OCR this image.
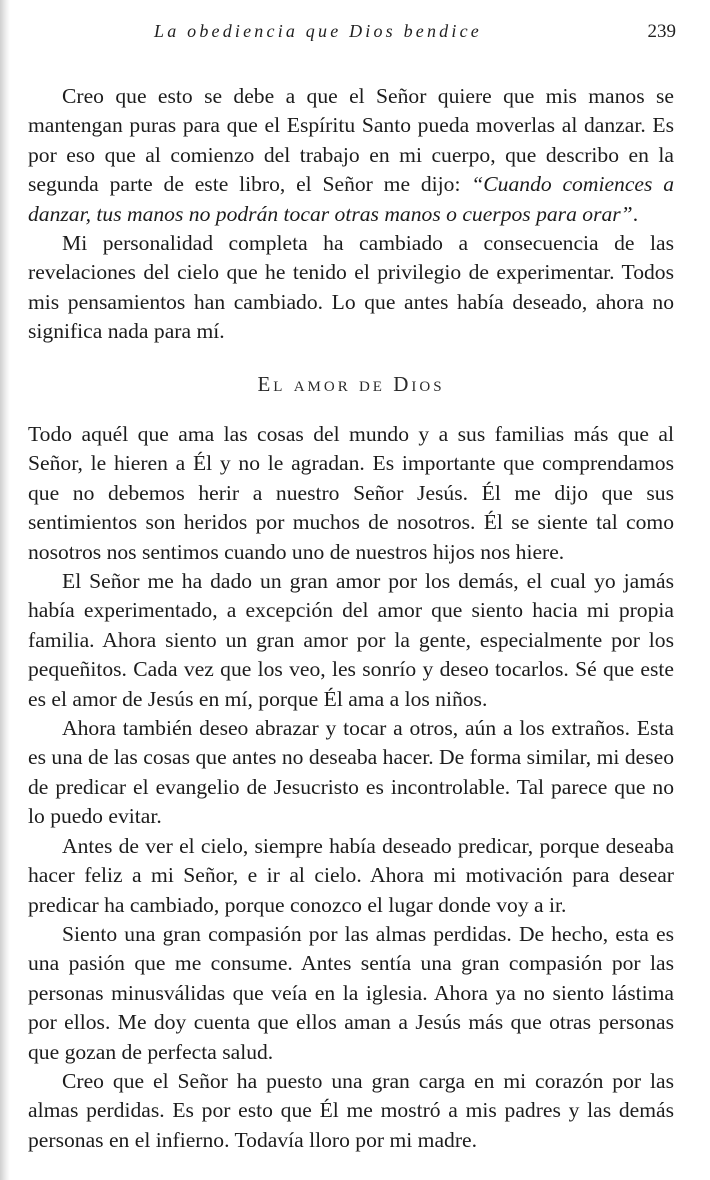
La obediencia que Dios bendice	239

Creo que esto se debe a que el Señor quiere que mis manos se mantengan puras para que el Espíritu Santo pueda moverlas al danzar. Es por eso que al comienzo del trabajo en mi cuerpo, que describo en la segunda parte de este libro, el Señor me dijo: “Cuando comiences a danzar, tus manos no podrán tocar otras manos o cuerpos para orar”.

Mi personalidad completa ha cambiado a consecuencia de las revelaciones del cielo que he tenido el privilegio de experimentar. Todos mis pensamientos han cambiado. Lo que antes había deseado, ahora no significa nada para mí.

El amor de Dios

Todo aquél que ama las cosas del mundo y a sus familias más que al Señor, le hieren a Él y no le agradan. Es importante que comprendamos que no debemos herir a nuestro Señor Jesús. Él me dijo que sus sentimientos son heridos por muchos de nosotros. Él se siente tal como nosotros nos sentimos cuando uno de nuestros hijos nos hiere.

El Señor me ha dado un gran amor por los demás, el cual yo jamás había experimentado, a excepción del amor que siento hacia mi propia familia. Ahora siento un gran amor por la gente, especialmente por los pequeñitos. Cada vez que los veo, les sonrío y deseo tocarlos. Sé que este es el amor de Jesús en mí, porque Él ama a los niños.

Ahora también deseo abrazar y tocar a otros, aún a los extraños. Esta es una de las cosas que antes no deseaba hacer. De forma similar, mi deseo de predicar el evangelio de Jesucristo es incontrolable. Tal parece que no lo puedo evitar.

Antes de ver el cielo, siempre había deseado predicar, porque deseaba hacer feliz a mi Señor, e ir al cielo. Ahora mi motivación para desear predicar ha cambiado, porque conozco el lugar donde voy a ir.

Siento una gran compasión por las almas perdidas. De hecho, esta es una pasión que me consume. Antes sentía una gran compasión por las personas minusválidas que veía en la iglesia. Ahora ya no siento lástima por ellos. Me doy cuenta que ellos aman a Jesús más que otras personas que gozan de perfecta salud.

Creo que el Señor ha puesto una gran carga en mi corazón por las almas perdidas. Es por esto que Él me mostró a mis padres y las demás personas en el infierno. Todavía lloro por mi madre.
